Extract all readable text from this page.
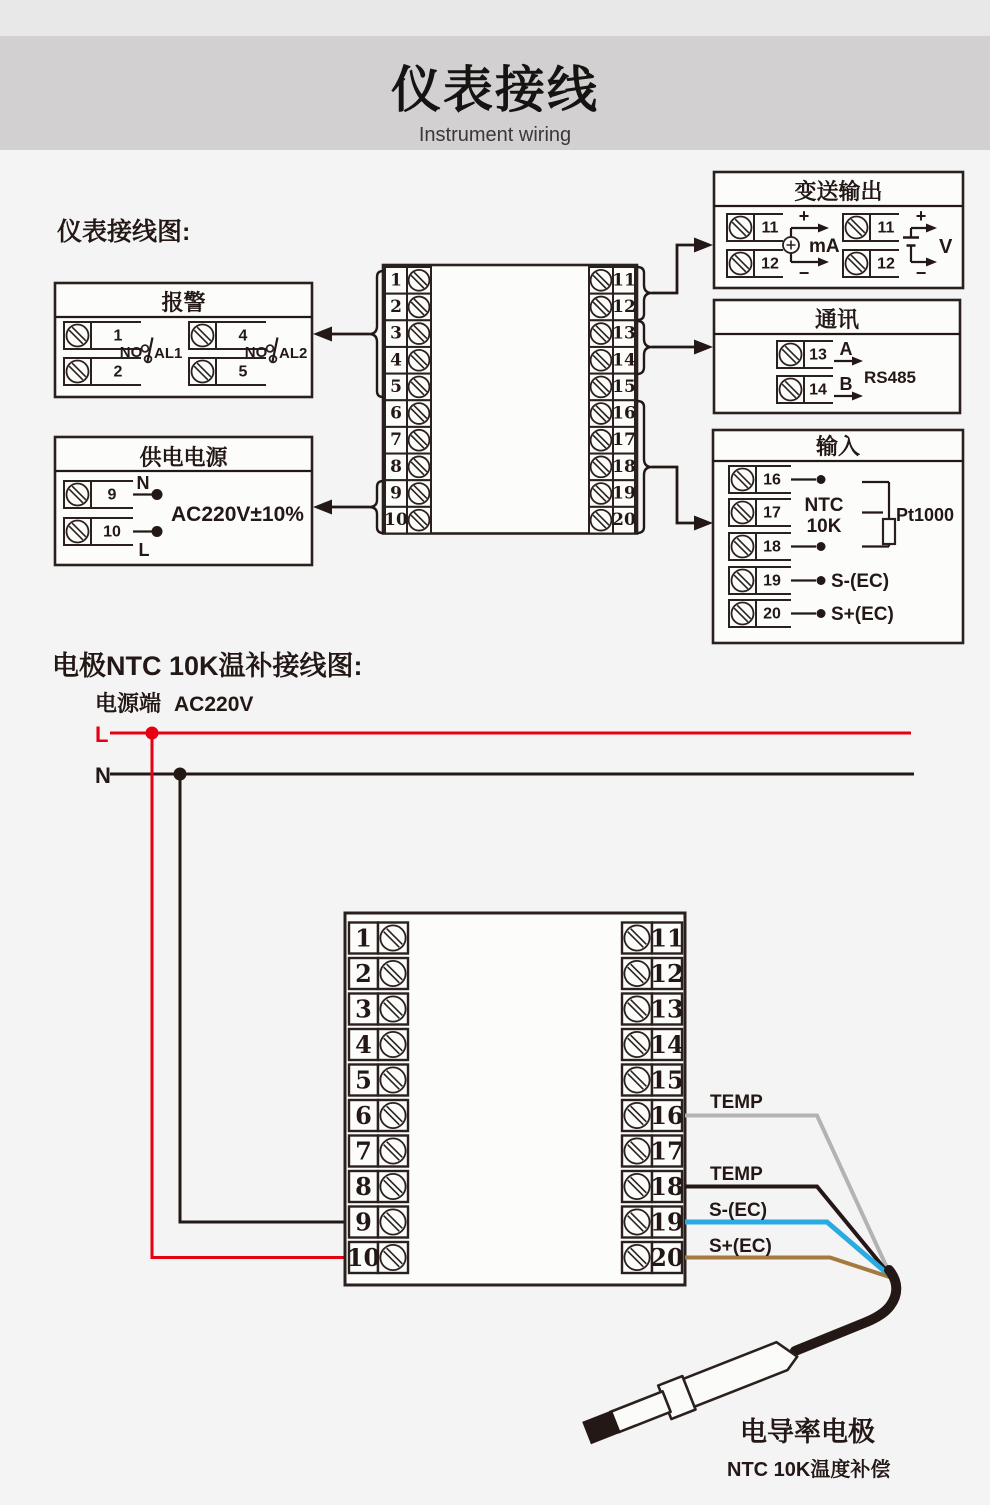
仪表接线
Instrument wiring
仪表接线图:
1
2
3
4
5
6
7
8
9
10
11
12
13
14
15
16
17
18
19
20
报警
1
2
4
5
NO AL1	NO AL2
供电电源
9
10
N
L
AC220V±10%
变送输出
11
12
11
12
+
−
mA
+
−
V
通讯
13
14
A
B RS485
输入
16
17
18
19
20
NTC
10K
Pt1000
S-(EC)
S+(EC)
电极NTC 10K温补接线图:
电源端 AC220V
L
N
1
2
3
4
5
6
7
8
9
10
11
12
13
14
15
16
17
18
19
20
TEMP
TEMP
S-(EC)
S+(EC)
电导率电极
NTC 10K温度补偿
